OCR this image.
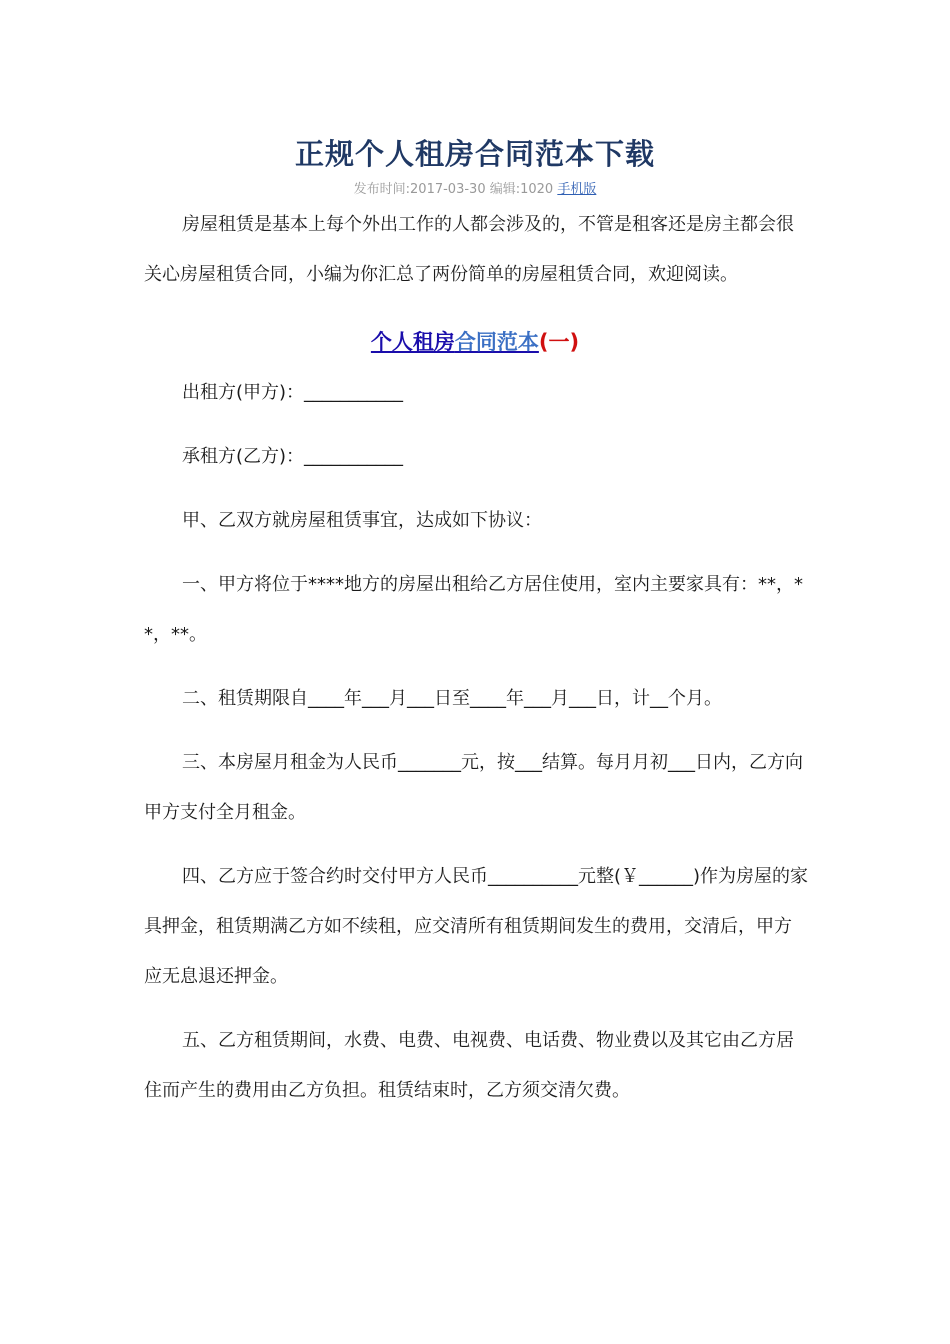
正规个人租房合同范本下载
发布时间:2017-03-30 编辑:1020 手机版

房屋租赁是基本上每个外出工作的人都会涉及的，不管是租客还是房主都会很关心房屋租赁合同，小编为你汇总了两份简单的房屋租赁合同，欢迎阅读。

个人租房合同范本(一)

出租方(甲方)：___________

承租方(乙方)：___________

甲、乙双方就房屋租赁事宜，达成如下协议：

一、甲方将位于****地方的房屋出租给乙方居住使用，室内主要家具有：**，**，**。

二、租赁期限自____年___月___日至____年___月___日，计__个月。

三、本房屋月租金为人民币_______元，按___结算。每月月初___日内，乙方向甲方支付全月租金。

四、乙方应于签合约时交付甲方人民币__________元整(￥______)作为房屋的家具押金，租赁期满乙方如不续租，应交清所有租赁期间发生的费用，交清后，甲方应无息退还押金。

五、乙方租赁期间，水费、电费、电视费、电话费、物业费以及其它由乙方居住而产生的费用由乙方负担。租赁结束时，乙方须交清欠费。
